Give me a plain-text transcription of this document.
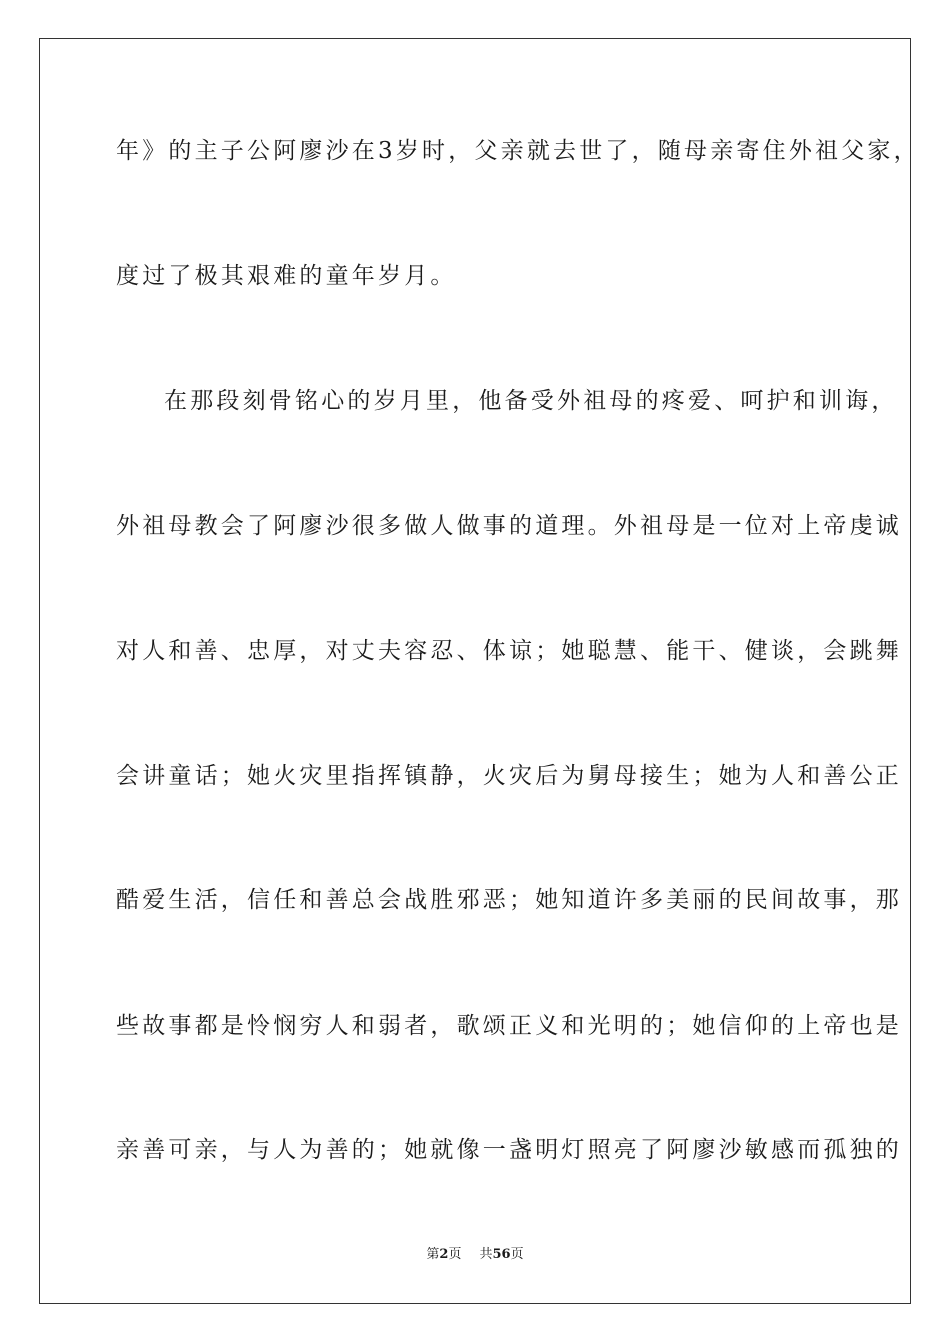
年》的主子公阿廖沙在3岁时，父亲就去世了，随母亲寄住外祖父家，
度过了极其艰难的童年岁月。
在那段刻骨铭心的岁月里，他备受外祖母的疼爱、呵护和训诲，
外祖母教会了阿廖沙很多做人做事的道理。外祖母是一位对上帝虔诚
对人和善、忠厚，对丈夫容忍、体谅；她聪慧、能干、健谈，会跳舞
会讲童话；她火灾里指挥镇静，火灾后为舅母接生；她为人和善公正
酷爱生活，信任和善总会战胜邪恶；她知道许多美丽的民间故事，那
些故事都是怜悯穷人和弱者，歌颂正义和光明的；她信仰的上帝也是
亲善可亲，与人为善的；她就像一盏明灯照亮了阿廖沙敏感而孤独的
第2页 共56页
